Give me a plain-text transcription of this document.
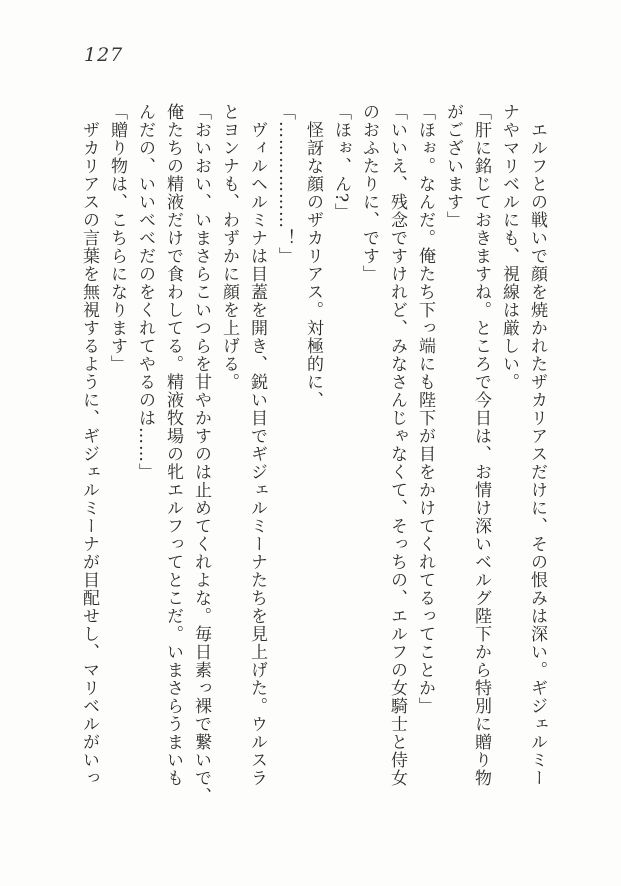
127
　エルフとの戦いで顔を焼かれたザカリアスだけに、その恨みは深い。ギジェルミー
ナやマリベルにも、視線は厳しい。
「肝に銘じておきますね。ところで今日は、お情け深いベルグ陛下から特別に贈り物
がございます」
「ほぉ。なんだ。俺たち下っ端にも陛下が目をかけてくれてるってことか」
「いいえ、残念ですけれど、みなさんじゃなくて、そっちの、エルフの女騎士と侍女
のおふたりに、です」
「ほぉ、ん?」
　怪訝な顔のザカリアス。対極的に、
「………………！」
　ヴィルヘルミナは目蓋を開き、鋭い目でギジェルミーナたちを見上げた。ウルスラ
とヨンナも、わずかに顔を上げる。
「おいおい、いまさらこいつらを甘やかすのは止めてくれよな。毎日素っ裸で繋いで、
俺たちの精液だけで食わしてる。精液牧場の牝エルフってとこだ。いまさらうまいも
んだの、いいべべだのをくれてやるのは……」
「贈り物は、こちらになります」
　ザカリアスの言葉を無視するように、ギジェルミーナが目配せし、マリベルがいっ
